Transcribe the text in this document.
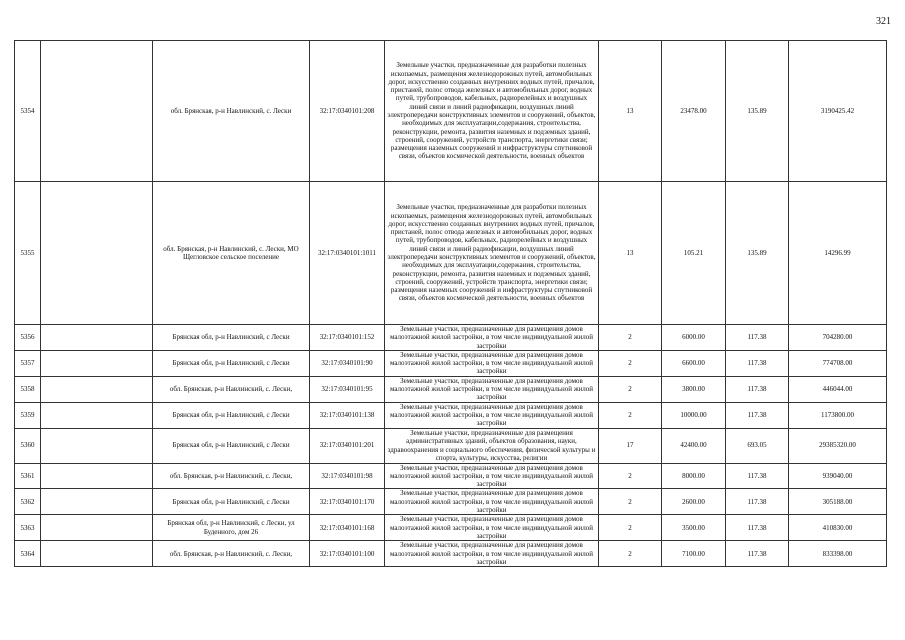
321
5354		обл. Брянская, р-н Навлинский, с. Лески	32:17:0340101:208	Земельные участки, предназначенные для разработки полезных ископаемых, размещения железнодорожных путей, автомобильных дорог, искусственно созданных внутренних водных путей, причалов, пристаней, полос отвода железных и автомобильных дорог, водных путей, трубопроводов, кабельных, радиорелейных и воздушных линий связи и линий радиофикации, воздушных линий электропередачи конструктивных элементов и сооружений, объектов, необходимых для эксплуатации,содержания, строительства, реконструкции, ремонта, развития наземных и подземных зданий, строений, сооружений, устройств транспорта, энергетики связи; размещения наземных сооружений и инфраструктуры спутниковой связи, объектов космической деятельности, военных объектов	13	23478.00	135.89	3190425.42
5355		обл. Брянская, р-н Навлинский, с. Лески, МО Щегловское сельское поселение	32:17:0340101:1011	Земельные участки, предназначенные для разработки полезных ископаемых, размещения железнодорожных путей, автомобильных дорог, искусственно созданных внутренних водных путей, причалов, пристаней, полос отвода железных и автомобильных дорог, водных путей, трубопроводов, кабельных, радиорелейных и воздушных линий связи и линий радиофикации, воздушных линий электропередачи конструктивных элементов и сооружений, объектов, необходимых для эксплуатации,содержания, строительства, реконструкции, ремонта, развития наземных и подземных зданий, строений, сооружений, устройств транспорта, энергетики связи; размещения наземных сооружений и инфраструктуры спутниковой связи, объектов космической деятельности, военных объектов	13	105.21	135.89	14296.99
5356		Брянская обл, р-н Навлинский, с Лески	32:17:0340101:152	Земельные участки, предназначенные для размещения домов малоэтажной жилой застройки, в том числе индивидуальной жилой застройки	2	6000.00	117.38	704280.00
5357		Брянская обл, р-н Навлинский, с Лески	32:17:0340101:90	Земельные участки, предназначенные для размещения домов малоэтажной жилой застройки, в том числе индивидуальной жилой застройки	2	6600.00	117.38	774708.00
5358		обл. Брянская, р-н Навлинский, с. Лески,	32:17:0340101:95	Земельные участки, предназначенные для размещения домов малоэтажной жилой застройки, в том числе индивидуальной жилой застройки	2	3800.00	117.38	446044.00
5359		Брянская обл, р-н Навлинский, с Лески	32:17:0340101:138	Земельные участки, предназначенные для размещения домов малоэтажной жилой застройки, в том числе индивидуальной жилой застройки	2	10000.00	117.38	1173800.00
5360		Брянская обл, р-н Навлинский, с Лески	32:17:0340101:201	Земельные участки, предназначенные для размещения административных зданий, объектов образования, науки, здравоохранения и социального обеспечения, физической культуры и спорта, культуры, искусства, религии	17	42400.00	693.05	29385320.00
5361		обл. Брянская, р-н Навлинский, с. Лески,	32:17:0340101:98	Земельные участки, предназначенные для размещения домов малоэтажной жилой застройки, в том числе индивидуальной жилой застройки	2	8000.00	117.38	939040.00
5362		Брянская обл, р-н Навлинский, с Лески	32:17:0340101:170	Земельные участки, предназначенные для размещения домов малоэтажной жилой застройки, в том числе индивидуальной жилой застройки	2	2600.00	117.38	305188.00
5363		Брянская обл, р-н Навлинский, с Лески, ул Буденного, дом 26	32:17:0340101:168	Земельные участки, предназначенные для размещения домов малоэтажной жилой застройки, в том числе индивидуальной жилой застройки	2	3500.00	117.38	410830.00
5364		обл. Брянская, р-н Навлинский, с. Лески,	32:17:0340101:100	Земельные участки, предназначенные для размещения домов малоэтажной жилой застройки, в том числе индивидуальной жилой застройки	2	7100.00	117.38	833398.00
